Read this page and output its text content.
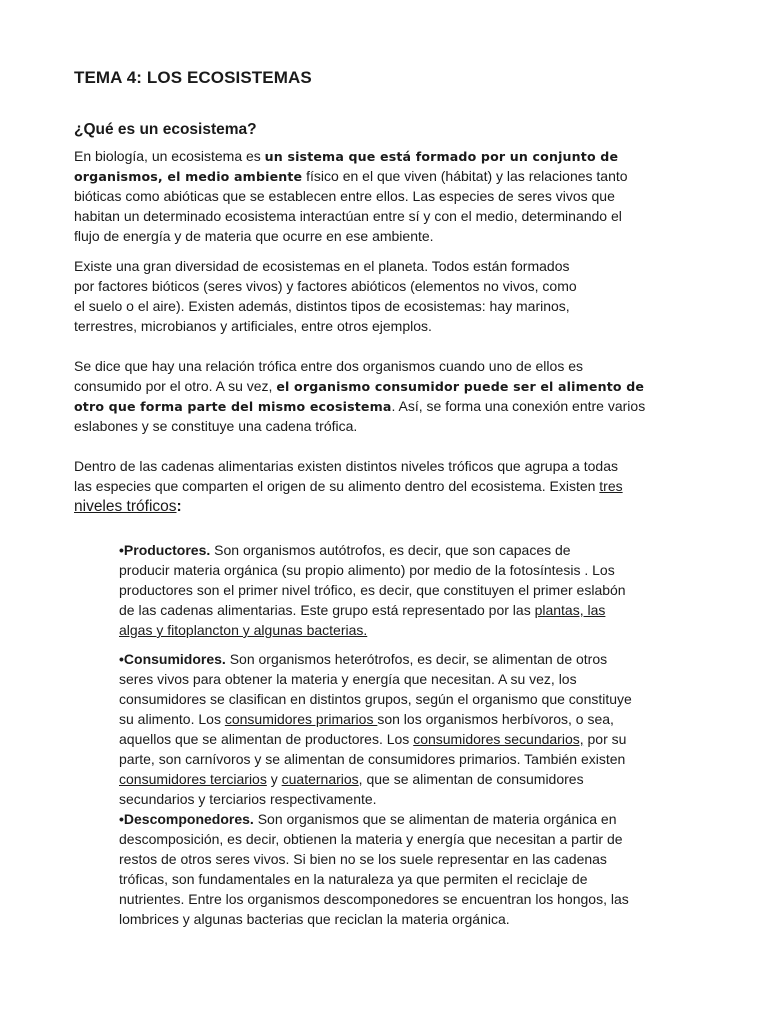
TEMA 4: LOS ECOSISTEMAS
¿Qué es un ecosistema?
En biología, un ecosistema es un sistema que está formado por un conjunto de
organismos, el medio ambiente físico en el que viven (hábitat) y las relaciones tanto
bióticas como abióticas que se establecen entre ellos. Las especies de seres vivos que
habitan un determinado ecosistema interactúan entre sí y con el medio, determinando el
flujo de energía y de materia que ocurre en ese ambiente.
Existe una gran diversidad de ecosistemas en el planeta. Todos están formados
por factores bióticos (seres vivos) y factores abióticos (elementos no vivos, como
el suelo o el aire). Existen además, distintos tipos de ecosistemas: hay marinos,
terrestres, microbianos y artificiales, entre otros ejemplos.
Se dice que hay una relación trófica entre dos organismos cuando uno de ellos es
consumido por el otro. A su vez, el organismo consumidor puede ser el alimento de
otro que forma parte del mismo ecosistema. Así, se forma una conexión entre varios
eslabones y se constituye una cadena trófica.
Dentro de las cadenas alimentarias existen distintos niveles tróficos que agrupa a todas
las especies que comparten el origen de su alimento dentro del ecosistema. Existen tres
niveles tróficos:
•Productores. Son organismos autótrofos, es decir, que son capaces de
producir materia orgánica (su propio alimento) por medio de la fotosíntesis . Los
productores son el primer nivel trófico, es decir, que constituyen el primer eslabón
de las cadenas alimentarias. Este grupo está representado por las plantas, las
algas y fitoplancton y algunas bacterias.
•Consumidores. Son organismos heterótrofos, es decir, se alimentan de otros
seres vivos para obtener la materia y energía que necesitan. A su vez, los
consumidores se clasifican en distintos grupos, según el organismo que constituye
su alimento. Los consumidores primarios son los organismos herbívoros, o sea,
aquellos que se alimentan de productores. Los consumidores secundarios, por su
parte, son carnívoros y se alimentan de consumidores primarios. También existen
consumidores terciarios y cuaternarios, que se alimentan de consumidores
secundarios y terciarios respectivamente.
•Descomponedores. Son organismos que se alimentan de materia orgánica en
descomposición, es decir, obtienen la materia y energía que necesitan a partir de
restos de otros seres vivos. Si bien no se los suele representar en las cadenas
tróficas, son fundamentales en la naturaleza ya que permiten el reciclaje de
nutrientes. Entre los organismos descomponedores se encuentran los hongos, las
lombrices y algunas bacterias que reciclan la materia orgánica.
